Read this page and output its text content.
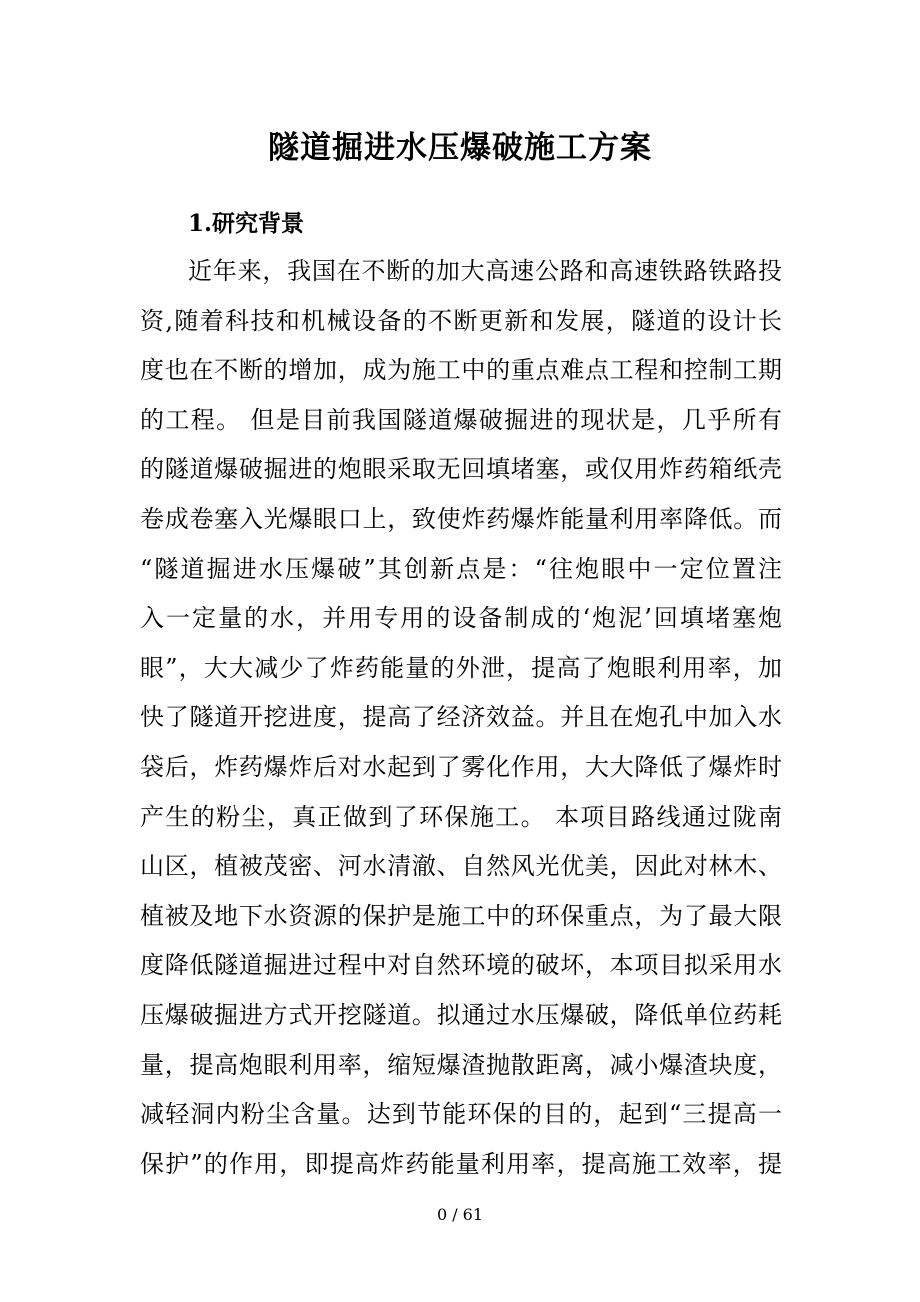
隧道掘进水压爆破施工方案
1.研究背景
近年来，我国在不断的加大高速公路和高速铁路铁路投
资,随着科技和机械设备的不断更新和发展，隧道的设计长
度也在不断的增加，成为施工中的重点难点工程和控制工期
的工程。 但是目前我国隧道爆破掘进的现状是，几乎所有
的隧道爆破掘进的炮眼采取无回填堵塞，或仅用炸药箱纸壳
卷成卷塞入光爆眼口上，致使炸药爆炸能量利用率降低。而
“隧道掘进水压爆破”其创新点是：“往炮眼中一定位置注
入一定量的水，并用专用的设备制成的‘炮泥’回填堵塞炮
眼”，大大减少了炸药能量的外泄，提高了炮眼利用率，加
快了隧道开挖进度，提高了经济效益。并且在炮孔中加入水
袋后，炸药爆炸后对水起到了雾化作用，大大降低了爆炸时
产生的粉尘，真正做到了环保施工。 本项目路线通过陇南
山区，植被茂密、河水清澈、自然风光优美，因此对林木、
植被及地下水资源的保护是施工中的环保重点，为了最大限
度降低隧道掘进过程中对自然环境的破坏，本项目拟采用水
压爆破掘进方式开挖隧道。拟通过水压爆破，降低单位药耗
量，提高炮眼利用率，缩短爆渣抛散距离，减小爆渣块度，
减轻洞内粉尘含量。达到节能环保的目的，起到“三提高一
保护”的作用，即提高炸药能量利用率，提高施工效率，提
0 / 61
